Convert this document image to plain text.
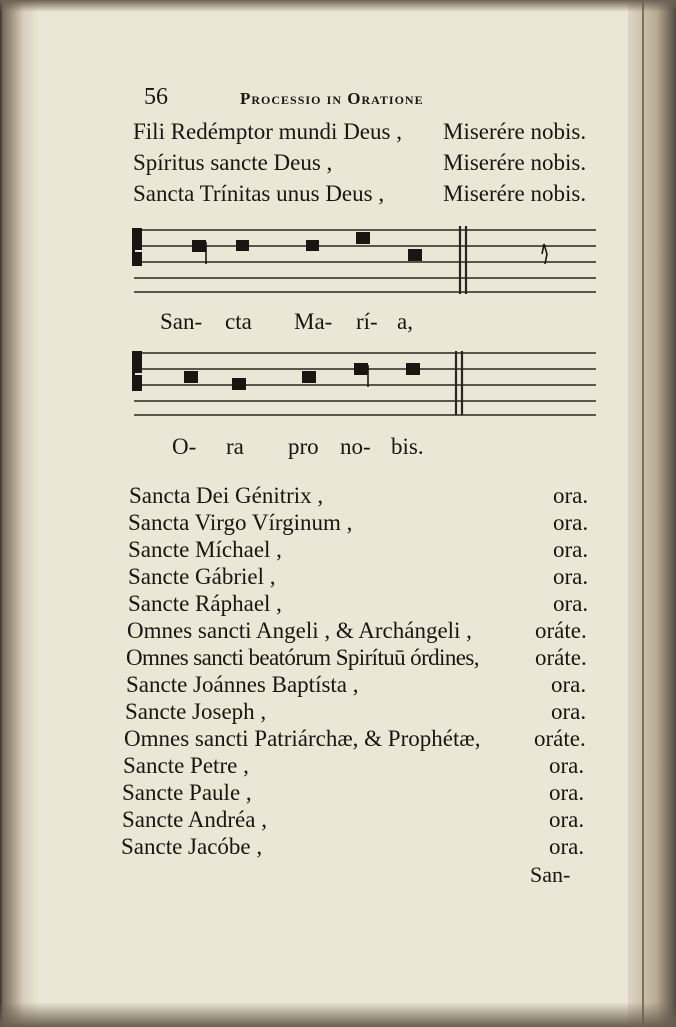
56	Processio in Oratione
Fili Redémptor mundi Deus , Miserére nobis.
Spíritus sancte Deus ,	Miserére nobis.
Sancta Trínitas unus Deus ,	Miserére nobis.
San- cta Ma- rí- a,
O- ra pro no- bis.
Sancta Dei Génitrix ,	ora.
Sancta Virgo Vírginum ,	ora.
Sancte Míchael ,	ora.
Sancte Gábriel ,	ora.
Sancte Ráphael ,	ora.
Omnes sancti Angeli , & Archángeli ,	oráte.
Omnes sancti beatórum Spirítuū órdines, oráte.
Sancte Joánnes Baptísta ,	ora.
Sancte Joseph ,	ora.
Omnes sancti Patriárchæ, & Prophétæ, oráte.
Sancte Petre ,	ora.
Sancte Paule ,	ora.
Sancte Andréa ,	ora.
Sancte Jacóbe ,	ora.
San-
